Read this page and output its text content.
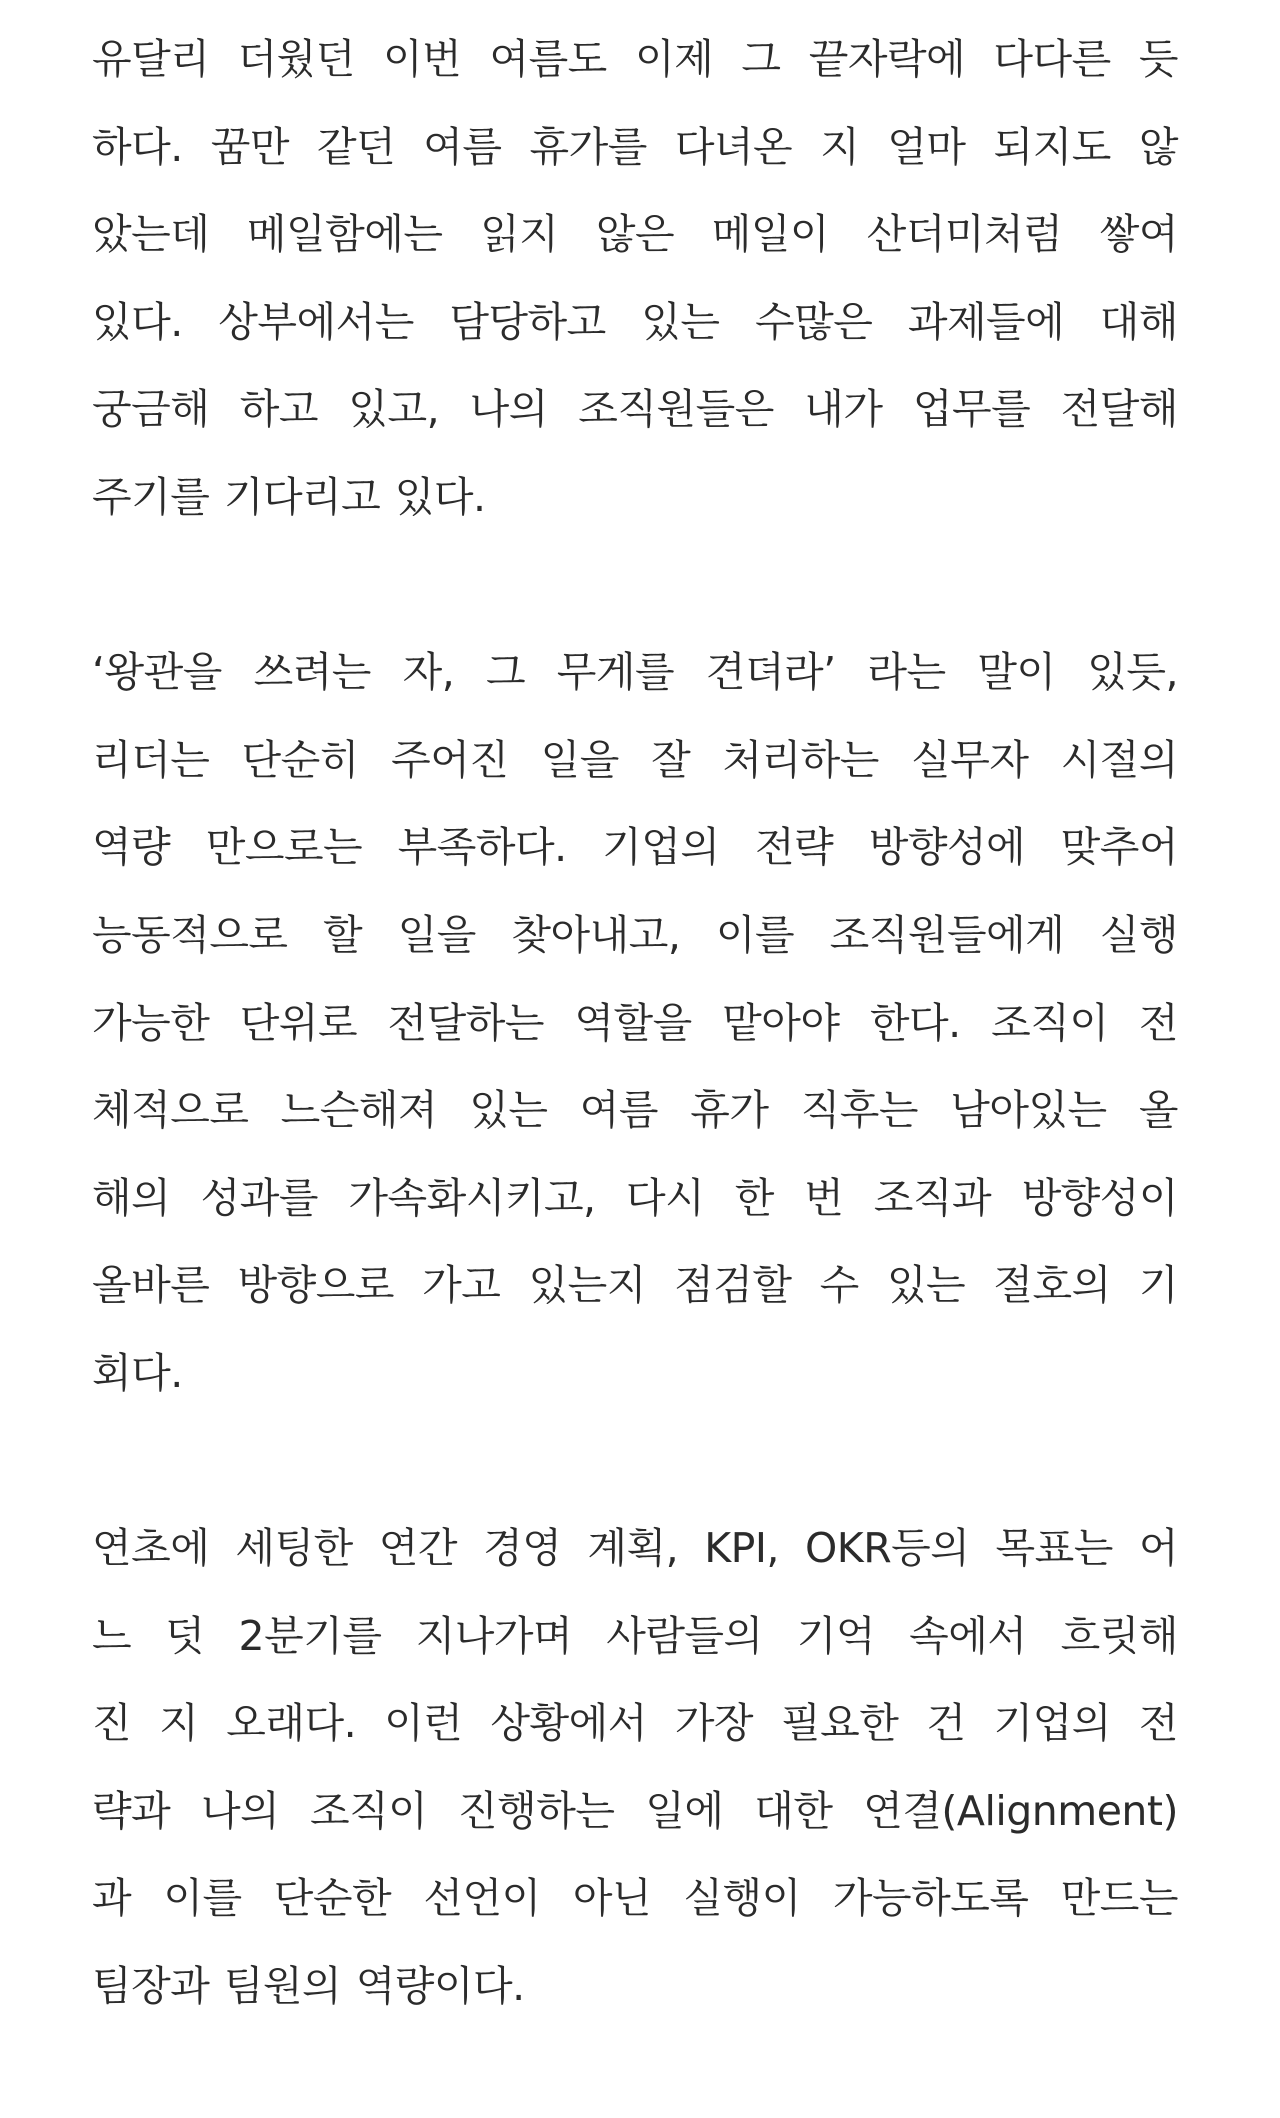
유달리 더웠던 이번 여름도 이제 그 끝자락에 다다른 듯
하다. 꿈만 같던 여름 휴가를 다녀온 지 얼마 되지도 않
았는데 메일함에는 읽지 않은 메일이 산더미처럼 쌓여
있다. 상부에서는 담당하고 있는 수많은 과제들에 대해
궁금해 하고 있고, 나의 조직원들은 내가 업무를 전달해
주기를 기다리고 있다.
‘왕관을 쓰려는 자, 그 무게를 견뎌라’ 라는 말이 있듯,
리더는 단순히 주어진 일을 잘 처리하는 실무자 시절의
역량 만으로는 부족하다. 기업의 전략 방향성에 맞추어
능동적으로 할 일을 찾아내고, 이를 조직원들에게 실행
가능한 단위로 전달하는 역할을 맡아야 한다. 조직이 전
체적으로 느슨해져 있는 여름 휴가 직후는 남아있는 올
해의 성과를 가속화시키고, 다시 한 번 조직과 방향성이
올바른 방향으로 가고 있는지 점검할 수 있는 절호의 기
회다.
연초에 세팅한 연간 경영 계획, KPI, OKR등의 목표는 어
느 덧 2분기를 지나가며 사람들의 기억 속에서 흐릿해
진 지 오래다. 이런 상황에서 가장 필요한 건 기업의 전
략과 나의 조직이 진행하는 일에 대한 연결(Alignment)
과 이를 단순한 선언이 아닌 실행이 가능하도록 만드는
팀장과 팀원의 역량이다.
